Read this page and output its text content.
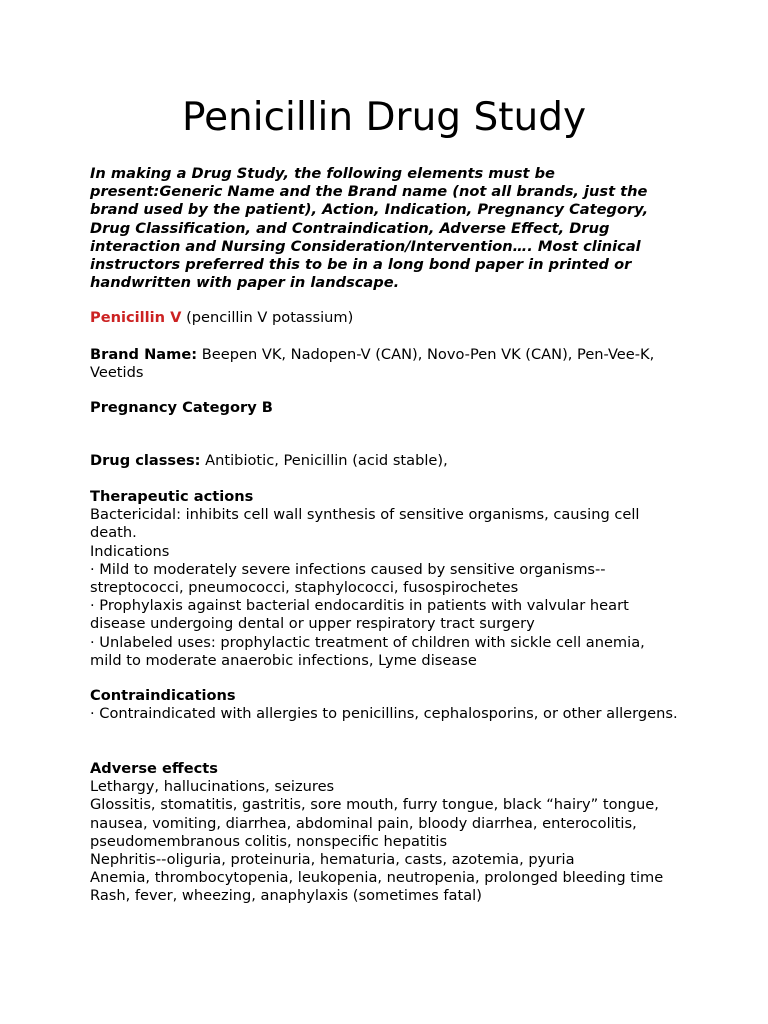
Penicillin Drug Study

In making a Drug Study, the following elements must be present:Generic Name and the Brand name (not all brands, just the brand used by the patient), Action, Indication, Pregnancy Category, Drug Classification, and Contraindication, Adverse Effect, Drug interaction and Nursing Consideration/Intervention…. Most clinical instructors preferred this to be in a long bond paper in printed or handwritten with paper in landscape.

Penicillin V (pencillin V potassium)

Brand Name: Beepen VK, Nadopen-V (CAN), Novo-Pen VK (CAN), Pen-Vee-K, Veetids

Pregnancy Category B

Drug classes: Antibiotic, Penicillin (acid stable),

Therapeutic actions
Bactericidal: inhibits cell wall synthesis of sensitive organisms, causing cell death.
Indications
· Mild to moderately severe infections caused by sensitive organisms--streptococci, pneumococci, staphylococci, fusospirochetes
· Prophylaxis against bacterial endocarditis in patients with valvular heart disease undergoing dental or upper respiratory tract surgery
· Unlabeled uses: prophylactic treatment of children with sickle cell anemia, mild to moderate anaerobic infections, Lyme disease
Contraindications
· Contraindicated with allergies to penicillins, cephalosporins, or other allergens.
Adverse effects
Lethargy, hallucinations, seizures
Glossitis, stomatitis, gastritis, sore mouth, furry tongue, black “hairy” tongue, nausea, vomiting, diarrhea, abdominal pain, bloody diarrhea, enterocolitis, pseudomembranous colitis, nonspecific hepatitis
Nephritis--oliguria, proteinuria, hematuria, casts, azotemia, pyuria
Anemia, thrombocytopenia, leukopenia, neutropenia, prolonged bleeding time
Rash, fever, wheezing, anaphylaxis (sometimes fatal)
